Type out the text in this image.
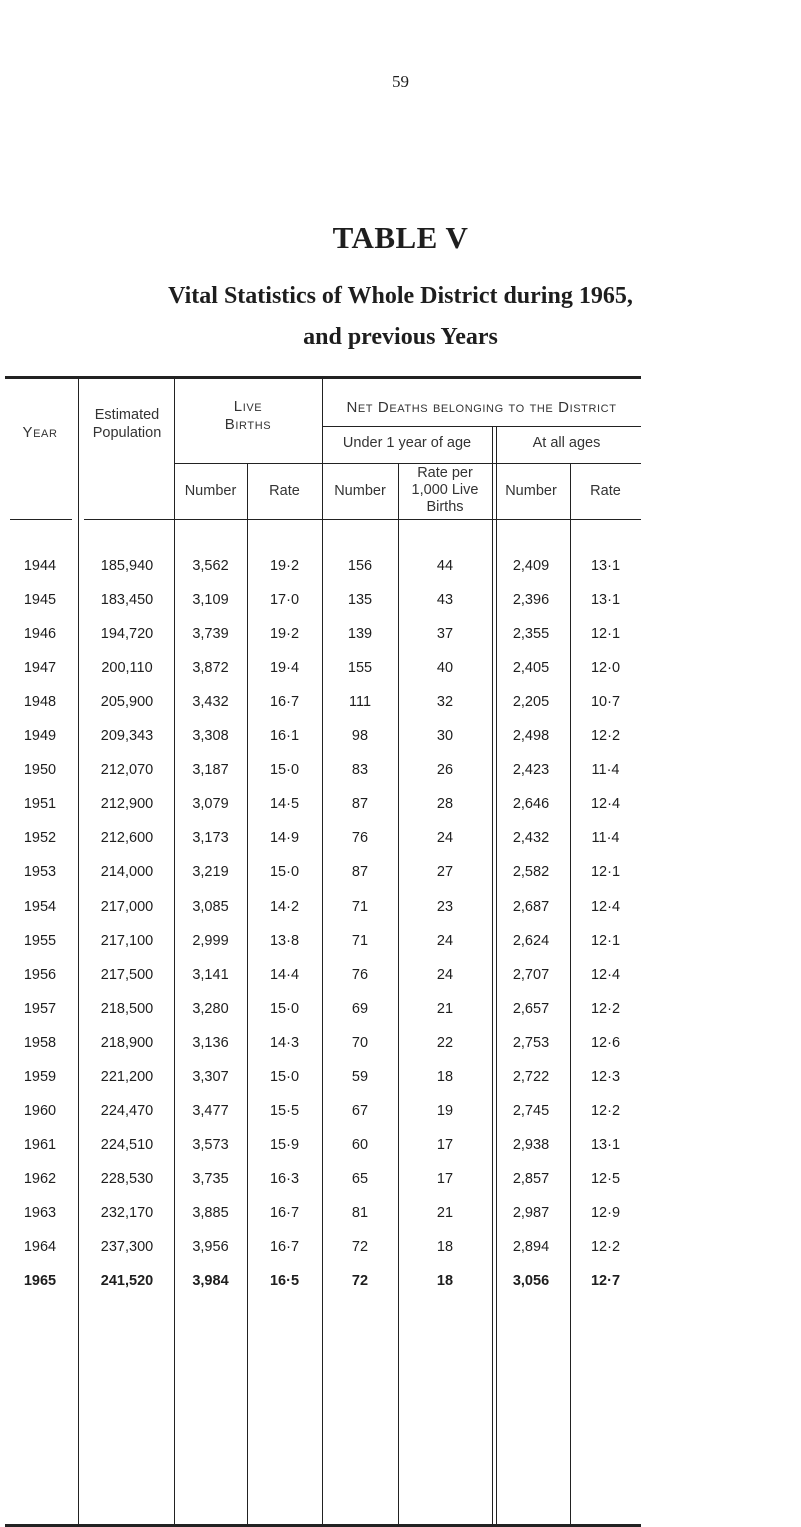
59
TABLE V
Vital Statistics of Whole District during 1965,
and previous Years
Year
Estimated
Population
Live
Births
Net Deaths belonging to the District
Under 1 year of age	At all ages
Number	Rate	Number
Rate per
1,000 Live
Births
Number	Rate
1944	185,940	3,562	19·2	156	44	2,409	13·1
1945	183,450	3,109	17·0	135	43	2,396	13·1
1946	194,720	3,739	19·2	139	37	2,355	12·1
1947	200,110	3,872	19·4	155	40	2,405	12·0
1948	205,900	3,432	16·7	111	32	2,205	10·7
1949	209,343	3,308	16·1	98	30	2,498	12·2
1950	212,070	3,187	15·0	83	26	2,423	11·4
1951	212,900	3,079	14·5	87	28	2,646	12·4
1952	212,600	3,173	14·9	76	24	2,432	11·4
1953	214,000	3,219	15·0	87	27	2,582	12·1
1954	217,000	3,085	14·2	71	23	2,687	12·4
1955	217,100	2,999	13·8	71	24	2,624	12·1
1956	217,500	3,141	14·4	76	24	2,707	12·4
1957	218,500	3,280	15·0	69	21	2,657	12·2
1958	218,900	3,136	14·3	70	22	2,753	12·6
1959	221,200	3,307	15·0	59	18	2,722	12·3
1960	224,470	3,477	15·5	67	19	2,745	12·2
1961	224,510	3,573	15·9	60	17	2,938	13·1
1962	228,530	3,735	16·3	65	17	2,857	12·5
1963	232,170	3,885	16·7	81	21	2,987	12·9
1964	237,300	3,956	16·7	72	18	2,894	12·2
1965	241,520	3,984	16·5	72	18	3,056	12·7
